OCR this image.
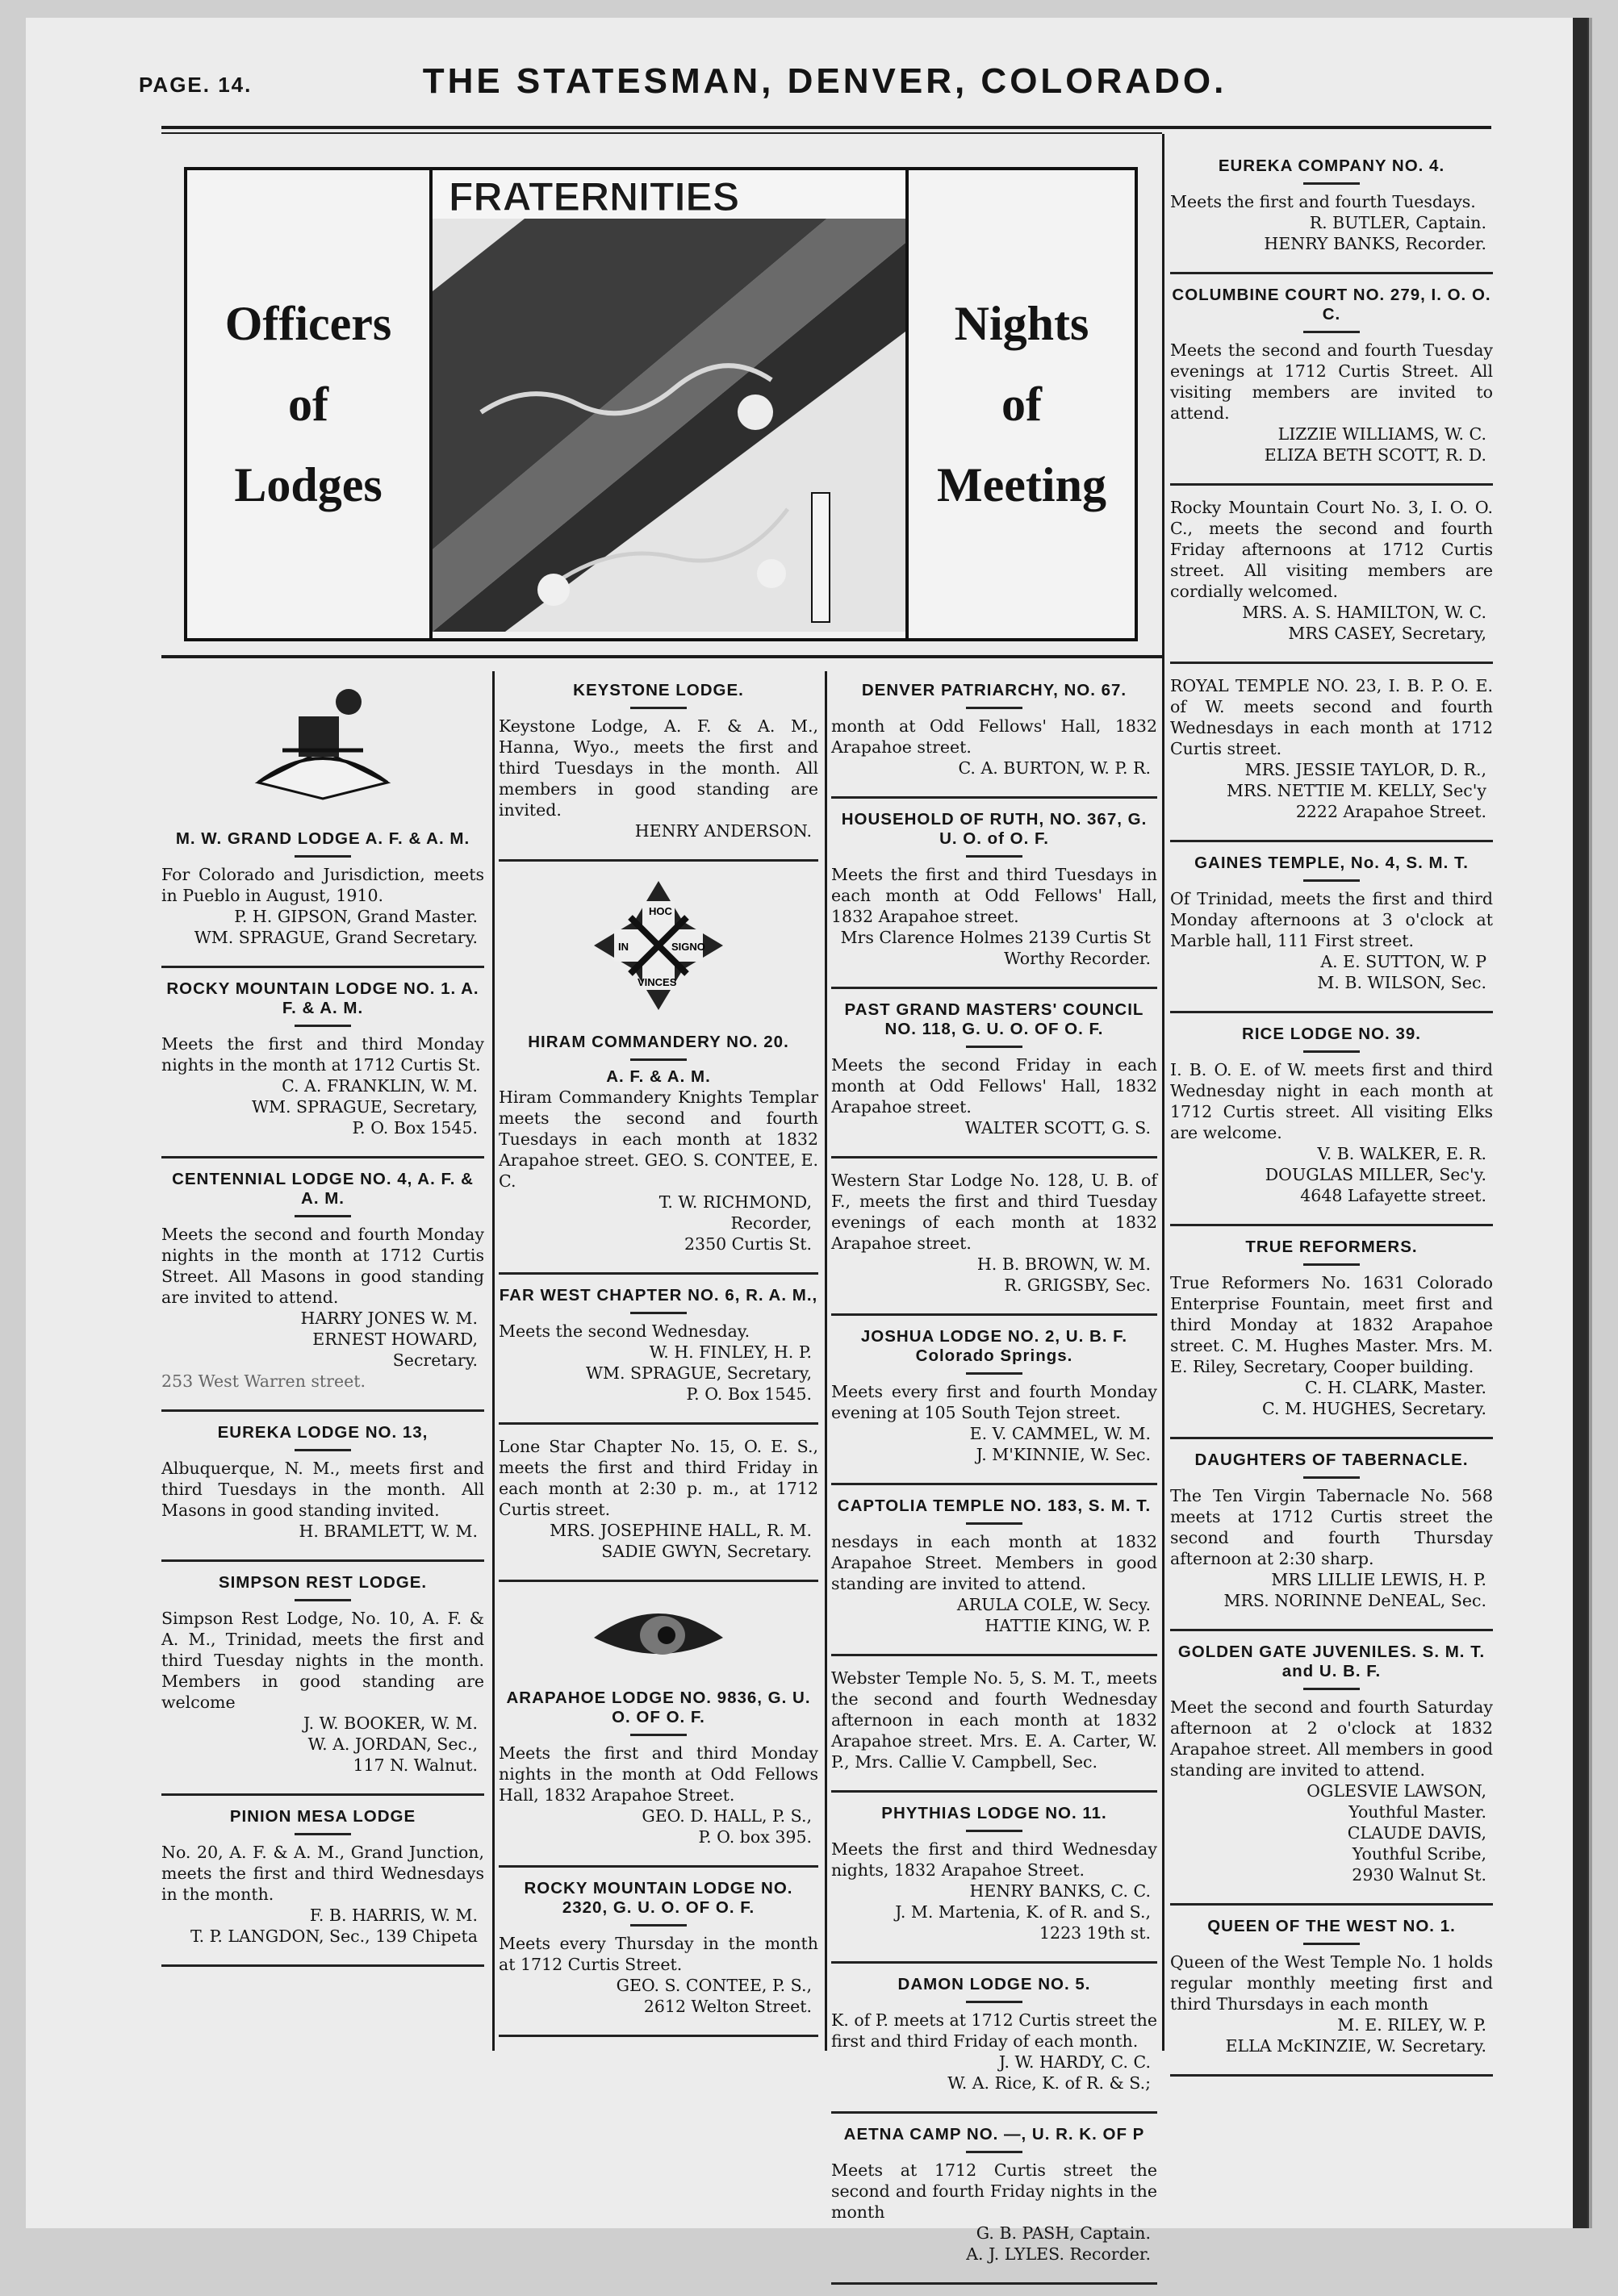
PAGE. 14.	THE STATESMAN, DENVER, COLORADO.
Officers
of
Lodges
FRATERNITIES
Nights
of
Meeting
M. W. GRAND LODGE A. F. & A. M.
For Colorado and Jurisdiction, meets in Pueblo in August, 1910.
P. H. GIPSON, Grand Master.
WM. SPRAGUE, Grand Secretary.
ROCKY MOUNTAIN LODGE NO. 1. A. F. & A. M.
Meets the first and third Monday nights in the month at 1712 Curtis St.
C. A. FRANKLIN, W. M.
WM. SPRAGUE, Secretary,
P. O. Box 1545.
CENTENNIAL LODGE NO. 4, A. F. & A. M.
Meets the second and fourth Monday nights in the month at 1712 Curtis Street. All Masons in good standing are invited to attend.
HARRY JONES W. M.
ERNEST HOWARD,
Secretary.
253 West Warren street.
EUREKA LODGE NO. 13,
Albuquerque, N. M., meets first and third Tuesdays in the month. All Masons in good standing invited.
H. BRAMLETT, W. M.
SIMPSON REST LODGE.
Simpson Rest Lodge, No. 10, A. F. & A. M., Trinidad, meets the first and third Tuesday nights in the month. Members in good standing are welcome
J. W. BOOKER, W. M.
W. A. JORDAN, Sec.,
117 N. Walnut.
PINION MESA LODGE
No. 20, A. F. & A. M., Grand Junction, meets the first and third Wednesdays in the month.
F. B. HARRIS, W. M.
T. P. LANGDON, Sec., 139 Chipeta
KEYSTONE LODGE.
Keystone Lodge, A. F. & A. M., Hanna, Wyo., meets the first and third Tuesdays in the month. All members in good standing are invited.
HENRY ANDERSON.
HOC
IN	SIGNO
VINCES
HIRAM COMMANDERY NO. 20.
A. F. & A. M.
Hiram Commandery Knights Templar meets the second and fourth Tuesdays in each month at 1832 Arapahoe street. GEO. S. CONTEE, E. C.
T. W. RICHMOND,
Recorder,
2350 Curtis St.
FAR WEST CHAPTER NO. 6, R. A. M.,
Meets the second Wednesday.
W. H. FINLEY, H. P.
WM. SPRAGUE, Secretary,
P. O. Box 1545.
Lone Star Chapter No. 15, O. E. S., meets the first and third Friday in each month at 2:30 p. m., at 1712 Curtis street.
MRS. JOSEPHINE HALL, R. M.
SADIE GWYN, Secretary.
ARAPAHOE LODGE NO. 9836, G. U. O. OF O. F.
Meets the first and third Monday nights in the month at Odd Fellows Hall, 1832 Arapahoe Street.
GEO. D. HALL, P. S.,
P. O. box 395.
ROCKY MOUNTAIN LODGE NO. 2320, G. U. O. OF O. F.
Meets every Thursday in the month at 1712 Curtis Street.
GEO. S. CONTEE, P. S.,
2612 Welton Street.
DENVER PATRIARCHY, NO. 67.
month at Odd Fellows' Hall, 1832 Arapahoe street.
C. A. BURTON, W. P. R.
HOUSEHOLD OF RUTH, NO. 367, G. U. O. of O. F.
Meets the first and third Tuesdays in each month at Odd Fellows' Hall, 1832 Arapahoe street.
Mrs Clarence Holmes 2139 Curtis St
Worthy Recorder.
PAST GRAND MASTERS' COUNCIL NO. 118, G. U. O. OF O. F.
Meets the second Friday in each month at Odd Fellows' Hall, 1832 Arapahoe street.
WALTER SCOTT, G. S.
Western Star Lodge No. 128, U. B. of F., meets the first and third Tuesday evenings of each month at 1832 Arapahoe street.
H. B. BROWN, W. M.
R. GRIGSBY, Sec.
JOSHUA LODGE NO. 2, U. B. F. Colorado Springs.
Meets every first and fourth Monday evening at 105 South Tejon street.
E. V. CAMMEL, W. M.
J. M'KINNIE, W. Sec.
CAPTOLIA TEMPLE NO. 183, S. M. T.
nesdays in each month at 1832 Arapahoe Street. Members in good standing are invited to attend.
ARULA COLE, W. Secy.
HATTIE KING, W. P.
Webster Temple No. 5, S. M. T., meets the second and fourth Wednesday afternoon in each month at 1832 Arapahoe street. Mrs. E. A. Carter, W. P., Mrs. Callie V. Campbell, Sec.
PHYTHIAS LODGE NO. 11.
Meets the first and third Wednesday nights, 1832 Arapahoe Street.
HENRY BANKS, C. C.
J. M. Martenia, K. of R. and S.,
1223 19th st.
DAMON LODGE NO. 5.
K. of P. meets at 1712 Curtis street the first and third Friday of each month.
J. W. HARDY, C. C.
W. A. Rice, K. of R. & S.;
AETNA CAMP NO. —, U. R. K. OF P
Meets at 1712 Curtis street the second and fourth Friday nights in the month
G. B. PASH, Captain.
A. J. LYLES. Recorder.
EUREKA COMPANY NO. 4.
Meets the first and fourth Tuesdays.
R. BUTLER, Captain.
HENRY BANKS, Recorder.
COLUMBINE COURT NO. 279, I. O. O. C.
Meets the second and fourth Tuesday evenings at 1712 Curtis Street. All visiting members are invited to attend.
LIZZIE WILLIAMS, W. C.
ELIZA BETH SCOTT, R. D.
Rocky Mountain Court No. 3, I. O. O. C., meets the second and fourth Friday afternoons at 1712 Curtis street. All visiting members are cordially welcomed.
MRS. A. S. HAMILTON, W. C.
MRS CASEY, Secretary,
ROYAL TEMPLE NO. 23, I. B. P. O. E. of W. meets second and fourth Wednesdays in each month at 1712 Curtis street.
MRS. JESSIE TAYLOR, D. R.,
MRS. NETTIE M. KELLY, Sec'y
2222 Arapahoe Street.
GAINES TEMPLE, No. 4, S. M. T.
Of Trinidad, meets the first and third Monday afternoons at 3 o'clock at Marble hall, 111 First street.
A. E. SUTTON, W. P
M. B. WILSON, Sec.
RICE LODGE NO. 39.
I. B. O. E. of W. meets first and third Wednesday night in each month at 1712 Curtis street. All visiting Elks are welcome.
V. B. WALKER, E. R.
DOUGLAS MILLER, Sec'y.
4648 Lafayette street.
TRUE REFORMERS.
True Reformers No. 1631 Colorado Enterprise Fountain, meet first and third Monday at 1832 Arapahoe street. C. M. Hughes Master. Mrs. M. E. Riley, Secretary, Cooper building.
C. H. CLARK, Master.
C. M. HUGHES, Secretary.
DAUGHTERS OF TABERNACLE.
The Ten Virgin Tabernacle No. 568 meets at 1712 Curtis street the second and fourth Thursday afternoon at 2:30 sharp.
MRS LILLIE LEWIS, H. P.
MRS. NORINNE DeNEAL, Sec.
GOLDEN GATE JUVENILES. S. M. T. and U. B. F.
Meet the second and fourth Saturday afternoon at 2 o'clock at 1832 Arapahoe street. All members in good standing are invited to attend.
OGLESVIE LAWSON,
Youthful Master.
CLAUDE DAVIS,
Youthful Scribe,
2930 Walnut St.
QUEEN OF THE WEST NO. 1.
Queen of the West Temple No. 1 holds regular monthly meeting first and third Thursdays in each month
M. E. RILEY, W. P.
ELLA McKINZIE, W. Secretary.
